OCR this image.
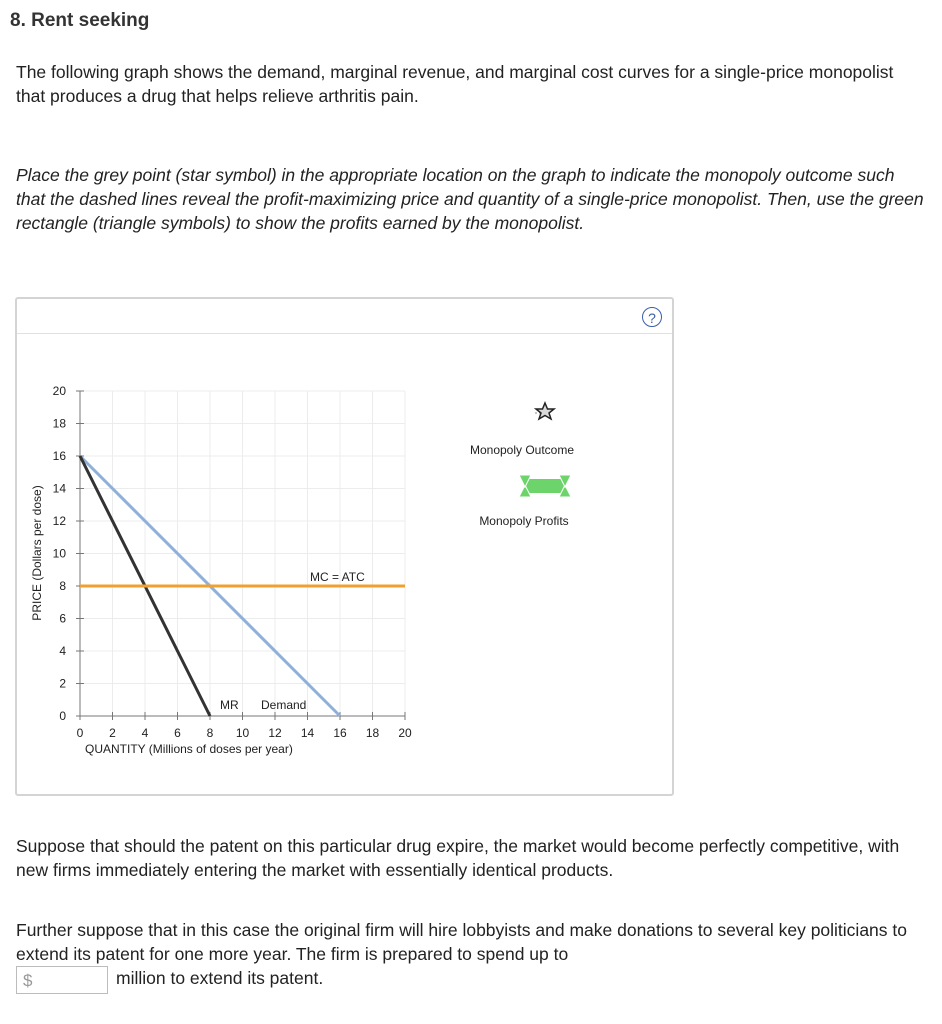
8. Rent seeking

The following graph shows the demand, marginal revenue, and marginal cost curves for a single-price monopolist that produces a drug that helps relieve arthritis pain.

Place the grey point (star symbol) in the appropriate location on the graph to indicate the monopoly outcome such that the dashed lines reveal the profit-maximizing price and quantity of a single-price monopolist. Then, use the green rectangle (triangle symbols) to show the profits earned by the monopolist.

?
0
2
4
6
8
10
12
14
16
18
20
0 2 4 6 8 10 12 14 16 18 20
MR Demand
MC = ATC
PRICE (Dollars per dose)
QUANTITY (Millions of doses per year)
Monopoly Outcome
Monopoly Profits

Suppose that should the patent on this particular drug expire, the market would become perfectly competitive, with new firms immediately entering the market with essentially identical products.

Further suppose that in this case the original firm will hire lobbyists and make donations to several key politicians to extend its patent for one more year. The firm is prepared to spend up to

$	million to extend its patent.
